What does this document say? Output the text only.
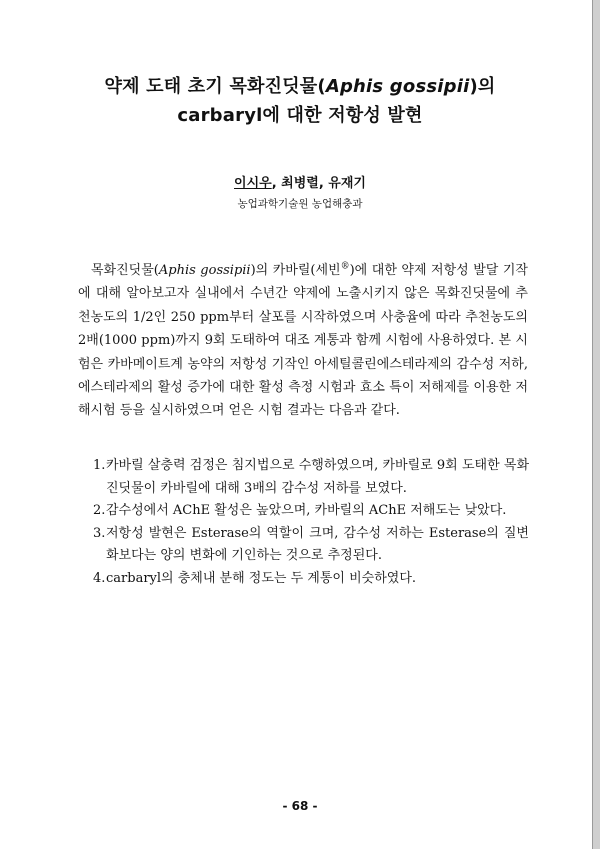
약제 도태 초기 목화진딧물(Aphis gossipii)의
carbaryl에 대한 저항성 발현
이시우, 최병렬, 유재기
농업과학기술원 농업해충과
목화진딧물(Aphis gossipii)의 카바릴(세빈®)에 대한 약제 저항성 발달 기작에 대해 알아보고자 실내에서 수년간 약제에 노출시키지 않은 목화진딧물에 추천농도의 1/2인 250 ppm부터 살포를 시작하였으며 사충율에 따라 추천농도의 2배(1000 ppm)까지 9회 도태하여 대조 계통과 함께 시험에 사용하였다. 본 시험은 카바메이트계 농약의 저항성 기작인 아세틸콜린에스테라제의 감수성 저하, 에스테라제의 활성 증가에 대한 활성 측정 시험과 효소 특이 저해제를 이용한 저해시험 등을 실시하였으며 얻은 시험 결과는 다음과 같다.
1. 카바릴 살충력 검정은 침지법으로 수행하였으며, 카바릴로 9회 도태한 목화진딧물이 카바릴에 대해 3배의 감수성 저하를 보였다.
2. 감수성에서 AChE 활성은 높았으며, 카바릴의 AChE 저해도는 낮았다.
3. 저항성 발현은 Esterase의 역할이 크며, 감수성 저하는 Esterase의 질변화보다는 양의 변화에 기인하는 것으로 추정된다.
4. carbaryl의 충체내 분해 정도는 두 계통이 비슷하였다.
- 68 -
